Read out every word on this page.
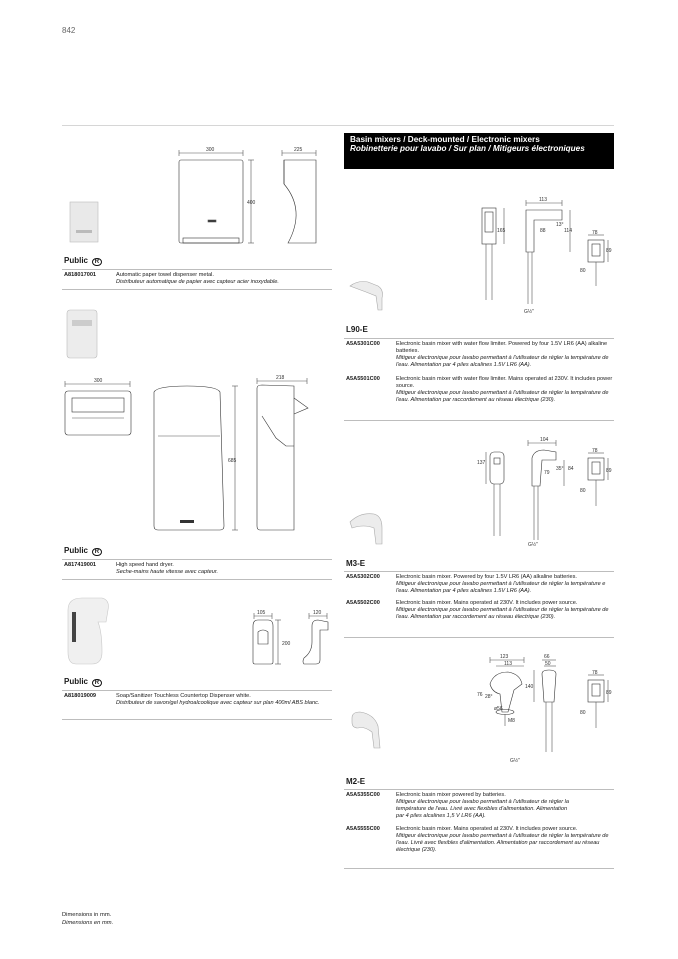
842
Basin mixers / Deck-mounted / Electronic mixers
Robinetterie pour lavabo / Sur plan / Mitigeurs électroniques
300	225
400
Public R
A818017001	Automatic paper towel dispenser metal.
Distributeur automatique de papier avec capteur acier inoxydable.
300	218
685
Public R
A817419001	High speed hand dryer.
Seche-mains haute vitesse avec capteur.
105	120
200
Public R
A818019009	Soap/Sanitizer Touchless Countertop Dispenser white.
Distributeur de savon/gel hydroalcoolique avec capteur sur plan 400ml ABS blanc.
113
165	88
13°
114	78
89
80
G½"
L90-E
A5A5301C00	Electronic basin mixer with water flow limiter. Powered by four 1.5V LR6 (AA) alkaline batteries.
Mitigeur électronique pour lavabo permettant à l'utilisateur de régler la température de l'eau. Alimentation par 4 piles alcalines 1.5V LR6 (AA).
A5A5501C00	Electronic basin mixer with water flow limiter. Mains operated at 230V. It includes power source.
Mitigeur électronique pour lavabo permettant à l'utilisateur de régler la température de l'eau. Alimentation par raccordement au réseau électrique (230).
104
137
35°
79
84
78
89
80
G½"
M3-E
A5A5302C00	Electronic basin mixer. Powered by four 1.5V LR6 (AA) alkaline batteries.
Mitigeur électronique pour lavabo permettant à l'utilisateur de régler la température e l'eau. Alimentation par 4 piles alcalines 1.5V LR6 (AA).
A5A5502C00	Electronic basin mixer. Mains operated at 230V. It includes power source.
Mitigeur électronique pour lavabo permettant à l'utilisateur de régler la température de l'eau. Alimentation par raccordement au réseau électrique (230).
123
113
66
50
140
76 28°
ø56
M8
78
89
80
G½"
M2-E
A5A5355C00	Electronic basin mixer powered by batteries.
Mitigeur électronique pour lavabo permettant à l'utilisateur de régler la température de l'eau. Livré avec flexibles d'alimentation. Alimentation par 4 piles alcalines 1,5 V LR6 (AA).
A5A5555C00	Electronic basin mixer. Mains operated at 230V. It includes power source.
Mitigeur électronique pour lavabo permettant à l'utilisateur de régler la température de l'eau. Livré avec flexibles d'alimentation. Alimentation par raccordement au réseau électrique (230).
Dimensions in mm.
Dimensions en mm.
